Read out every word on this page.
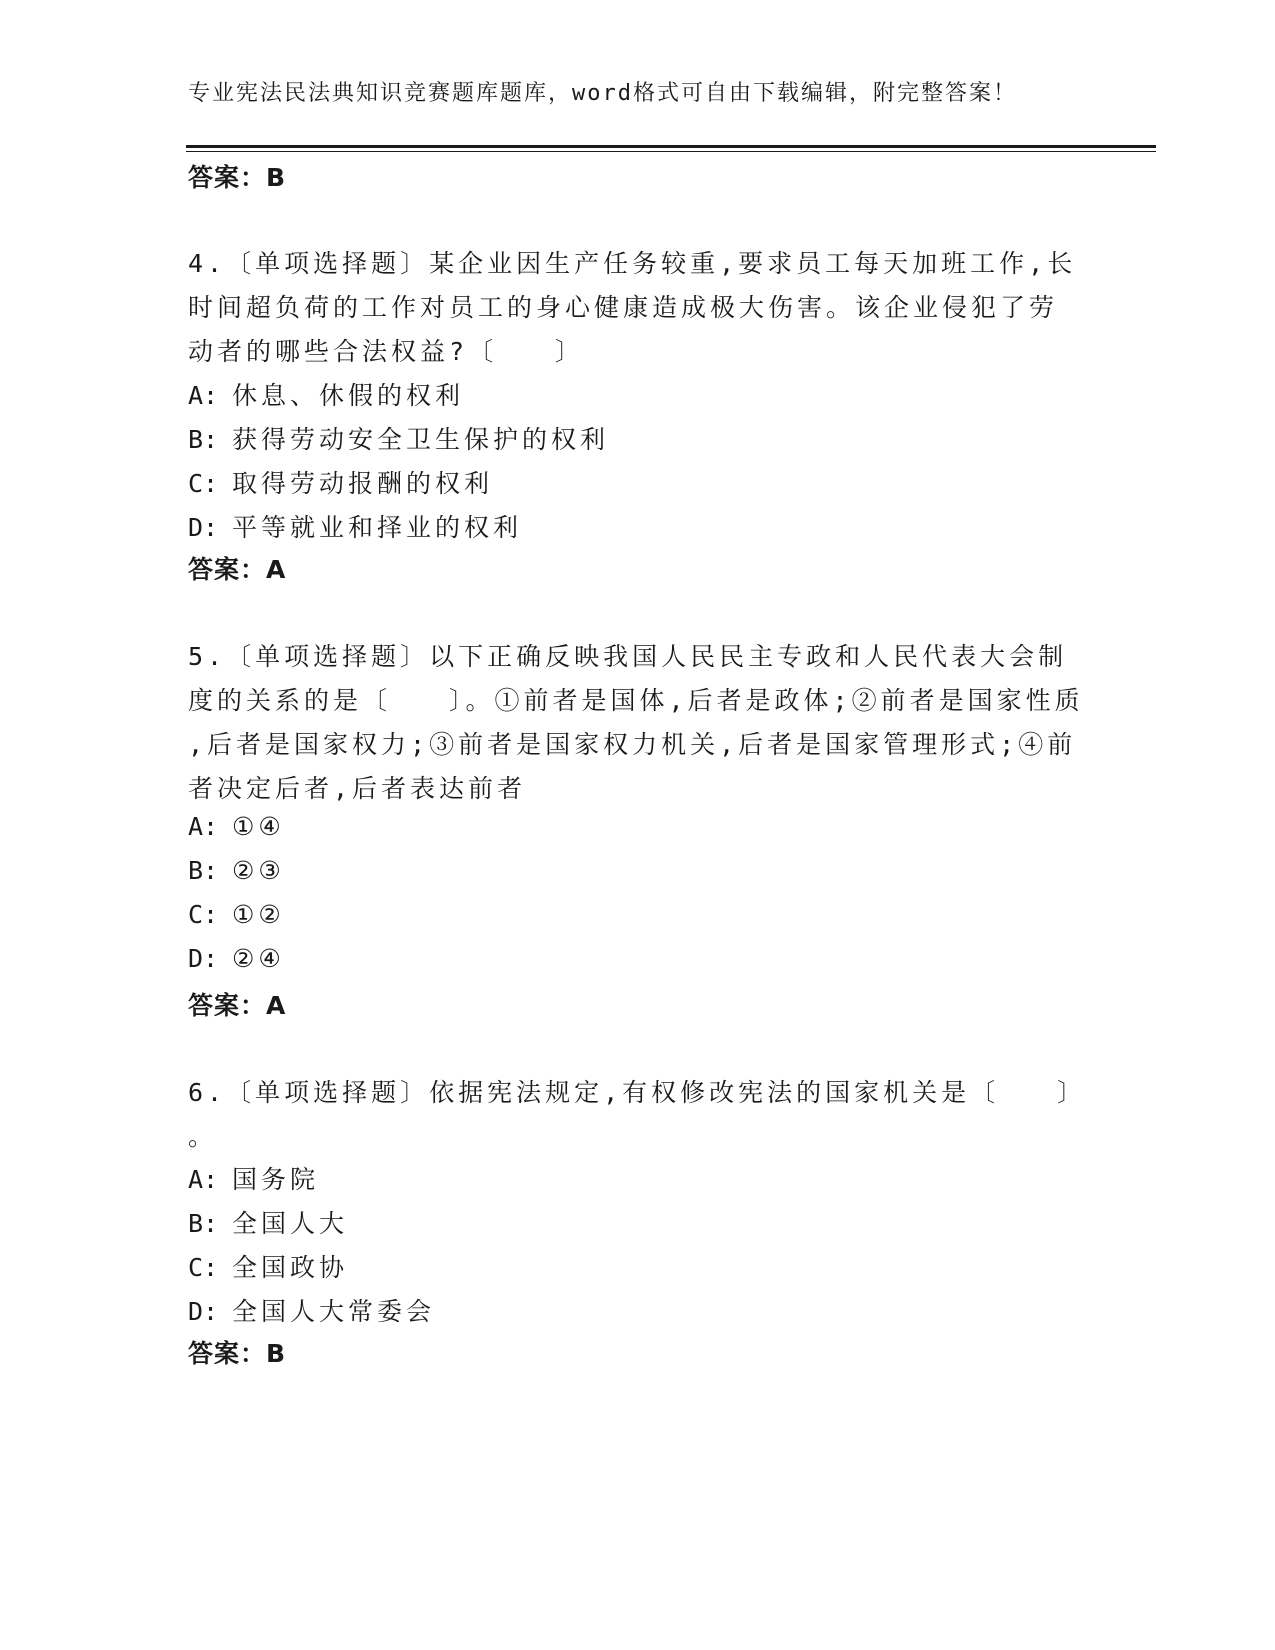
专业宪法民法典知识竞赛题库题库，word格式可自由下载编辑，附完整答案！
答案：B
4.〔单项选择题〕某企业因生产任务较重,要求员工每天加班工作,长
时间超负荷的工作对员工的身心健康造成极大伤害。该企业侵犯了劳
动者的哪些合法权益?〔　　〕
A: 休息、休假的权利
B: 获得劳动安全卫生保护的权利
C: 取得劳动报酬的权利
D: 平等就业和择业的权利
答案：A
5.〔单项选择题〕以下正确反映我国人民民主专政和人民代表大会制
度的关系的是〔　　〕。①前者是国体,后者是政体;②前者是国家性质
,后者是国家权力;③前者是国家权力机关,后者是国家管理形式;④前
者决定后者,后者表达前者
A: ①④
B: ②③
C: ①②
D: ②④
答案：A
6.〔单项选择题〕依据宪法规定,有权修改宪法的国家机关是〔　　〕
。
A: 国务院
B: 全国人大
C: 全国政协
D: 全国人大常委会
答案：B
